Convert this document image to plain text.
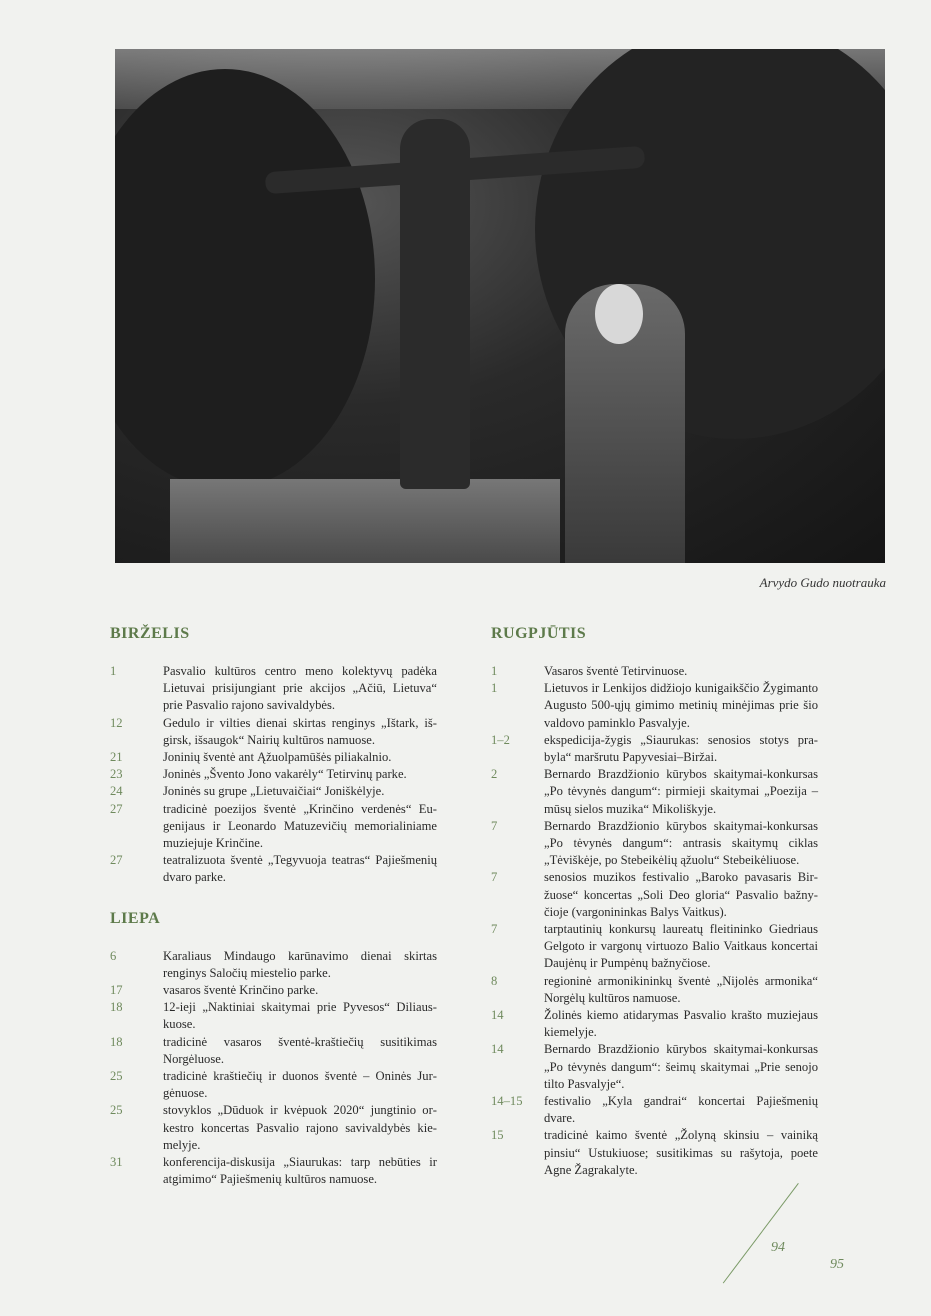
Arvydo Gudo nuotrauka
BIRŽELIS
1	Pasvalio kultūros centro meno kolektyvų padėka Lietuvai prisijungiant prie akcijos „Ačiū, Lietuva“ prie Pasvalio rajono savivaldybės.
12	Gedulo ir vilties dienai skirtas renginys „Ištark, išgirsk, išsaugok“ Nairių kultūros namuose.
21	Joninių šventė ant Ąžuolpamūšės piliakalnio.
23	Joninės „Švento Jono vakarėly“ Tetirvinų parke.
24	Joninės su grupe „Lietuvaičiai“ Joniškėlyje.
27	tradicinė poezijos šventė „Krinčino verdenės“ Eugenijaus ir Leonardo Matuzevičių memorialiniame muziejuje Krinčine.
27	teatralizuota šventė „Tegyvuoja teatras“ Pajiešmenių dvaro parke.
LIEPA
6	Karaliaus Mindaugo karūnavimo dienai skirtas renginys Saločių miestelio parke.
17	vasaros šventė Krinčino parke.
18	12-ieji „Naktiniai skaitymai prie Pyvesos“ Diliauskuose.
18	tradicinė vasaros šventė-kraštiečių susitikimas Norgėluose.
25	tradicinė kraštiečių ir duonos šventė – Oninės Jurgėnuose.
25	stovyklos „Dūduok ir kvėpuok 2020“ jungtinio orkestro koncertas Pasvalio rajono savivaldybės kiemelyje.
31	konferencija-diskusija „Siaurukas: tarp nebūties ir atgimimo“ Pajiešmenių kultūros namuose.
RUGPJŪTIS
1	Vasaros šventė Tetirvinuose.
1	Lietuvos ir Lenkijos didžiojo kunigaikščio Žygimanto Augusto 500-ųjų gimimo metinių minėjimas prie šio valdovo paminklo Pasvalyje.
1–2	ekspedicija-žygis „Siaurukas: senosios stotys prabyla“ maršrutu Papyvesiai–Biržai.
2	Bernardo Brazdžionio kūrybos skaitymai-konkursas „Po tėvynės dangum“: pirmieji skaitymai „Poezija – mūsų sielos muzika“ Mikoliškyje.
7	Bernardo Brazdžionio kūrybos skaitymai-konkursas „Po tėvynės dangum“: antrasis skaitymų ciklas „Tėviškėje, po Stebeikėlių ąžuolu“ Stebeikėliuose.
7	senosios muzikos festivalio „Baroko pavasaris Biržuose“ koncertas „Soli Deo gloria“ Pasvalio bažnyčioje (vargonininkas Balys Vaitkus).
7	tarptautinių konkursų laureatų fleitininko Giedriaus Gelgoto ir vargonų virtuozo Balio Vaitkaus koncertai Daujėnų ir Pumpėnų bažnyčiose.
8	regioninė armonikininkų šventė „Nijolės armonika“ Norgėlų kultūros namuose.
14	Žolinės kiemo atidarymas Pasvalio krašto muziejaus kiemelyje.
14	Bernardo Brazdžionio kūrybos skaitymai-konkursas „Po tėvynės dangum“: šeimų skaitymai „Prie senojo tilto Pasvalyje“.
14–15	festivalio „Kyla gandrai“ koncertai Pajiešmenių dvare.
15	tradicinė kaimo šventė „Žolyną skinsiu – vainiką pinsiu“ Ustukiuose; susitikimas su rašytoja, poete Agne Žagrakalyte.
94
95
